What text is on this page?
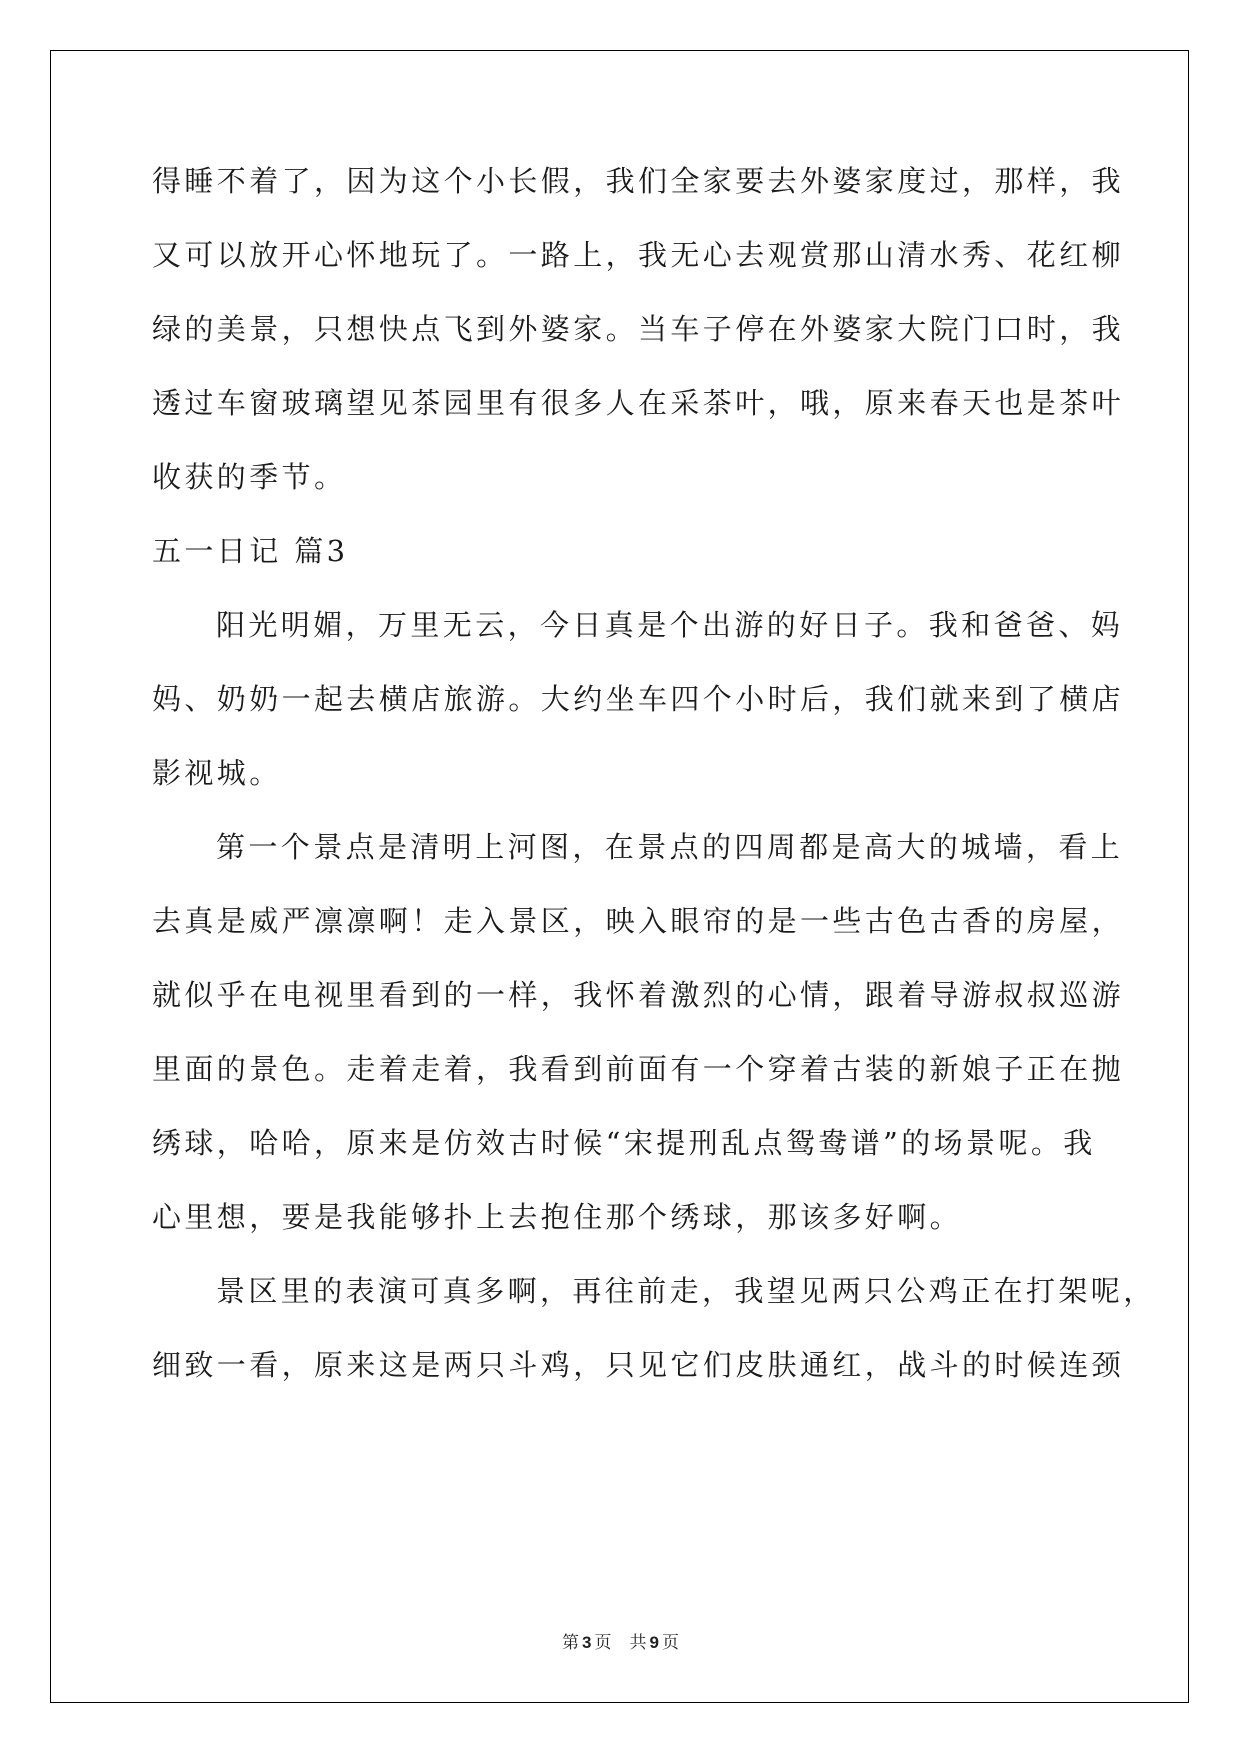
得睡不着了，因为这个小长假，我们全家要去外婆家度过，那样，我
又可以放开心怀地玩了。一路上，我无心去观赏那山清水秀、花红柳
绿的美景，只想快点飞到外婆家。当车子停在外婆家大院门口时，我
透过车窗玻璃望见茶园里有很多人在采茶叶，哦，原来春天也是茶叶
收获的季节。
五一日记 篇3
阳光明媚，万里无云，今日真是个出游的好日子。我和爸爸、妈
妈、奶奶一起去横店旅游。大约坐车四个小时后，我们就来到了横店
影视城。
第一个景点是清明上河图，在景点的四周都是高大的城墙，看上
去真是威严凛凛啊！走入景区，映入眼帘的是一些古色古香的房屋，
就似乎在电视里看到的一样，我怀着激烈的心情，跟着导游叔叔巡游
里面的景色。走着走着，我看到前面有一个穿着古装的新娘子正在抛
绣球，哈哈，原来是仿效古时候“宋提刑乱点鸳鸯谱”的场景呢。我
心里想，要是我能够扑上去抱住那个绣球，那该多好啊。
景区里的表演可真多啊，再往前走，我望见两只公鸡正在打架呢，
细致一看，原来这是两只斗鸡，只见它们皮肤通红，战斗的时候连颈
第 3 页 共 9 页
